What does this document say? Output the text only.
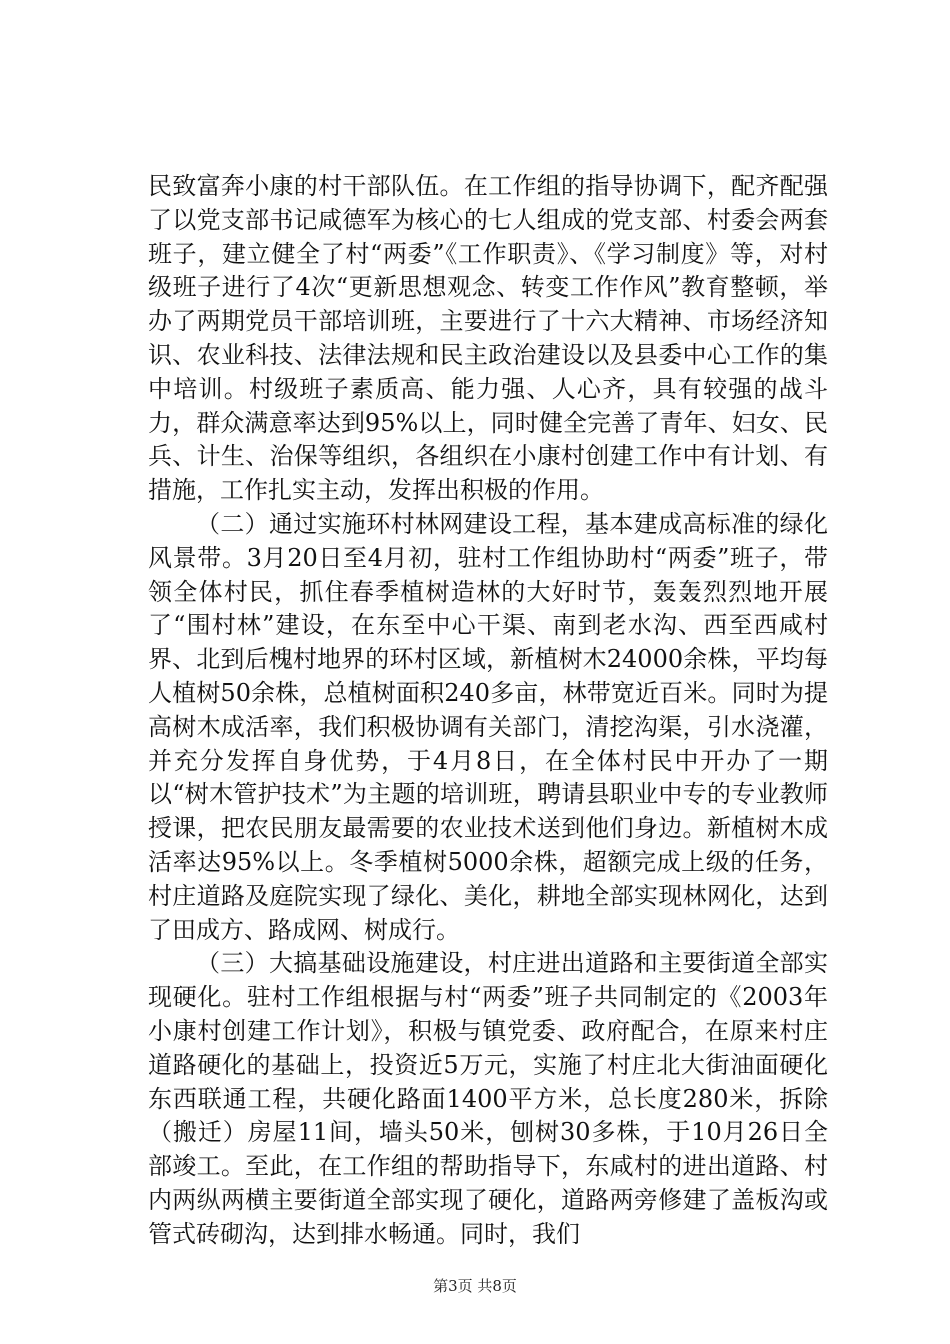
民致富奔小康的村干部队伍。在工作组的指导协调下，配齐配强了以党支部书记咸德军为核心的七人组成的党支部、村委会两套班子，建立健全了村“两委”《工作职责》、《学习制度》等，对村级班子进行了4次“更新思想观念、转变工作作风”教育整顿，举办了两期党员干部培训班，主要进行了十六大精神、市场经济知识、农业科技、法律法规和民主政治建设以及县委中心工作的集中培训。村级班子素质高、能力强、人心齐，具有较强的战斗力，群众满意率达到95%以上，同时健全完善了青年、妇女、民兵、计生、治保等组织，各组织在小康村创建工作中有计划、有措施，工作扎实主动，发挥出积极的作用。

（二）通过实施环村林网建设工程，基本建成高标准的绿化风景带。3月20日至4月初，驻村工作组协助村“两委”班子，带领全体村民，抓住春季植树造林的大好时节，轰轰烈烈地开展了“围村林”建设，在东至中心干渠、南到老水沟、西至西咸村界、北到后槐村地界的环村区域，新植树木24000余株，平均每人植树50余株，总植树面积240多亩，林带宽近百米。同时为提高树木成活率，我们积极协调有关部门，清挖沟渠，引水浇灌，并充分发挥自身优势，于4月8日，在全体村民中开办了一期以“树木管护技术”为主题的培训班，聘请县职业中专的专业教师授课，把农民朋友最需要的农业技术送到他们身边。新植树木成活率达95%以上。冬季植树5000余株，超额完成上级的任务，村庄道路及庭院实现了绿化、美化，耕地全部实现林网化，达到了田成方、路成网、树成行。

（三）大搞基础设施建设，村庄进出道路和主要街道全部实现硬化。驻村工作组根据与村“两委”班子共同制定的《2003年小康村创建工作计划》，积极与镇党委、政府配合，在原来村庄道路硬化的基础上，投资近5万元，实施了村庄北大街油面硬化东西联通工程，共硬化路面1400平方米，总长度280米，拆除（搬迁）房屋11间，墙头50米，刨树30多株，于10月26日全部竣工。至此，在工作组的帮助指导下，东咸村的进出道路、村内两纵两横主要街道全部实现了硬化，道路两旁修建了盖板沟或管式砖砌沟，达到排水畅通。同时，我们

第3页 共8页
